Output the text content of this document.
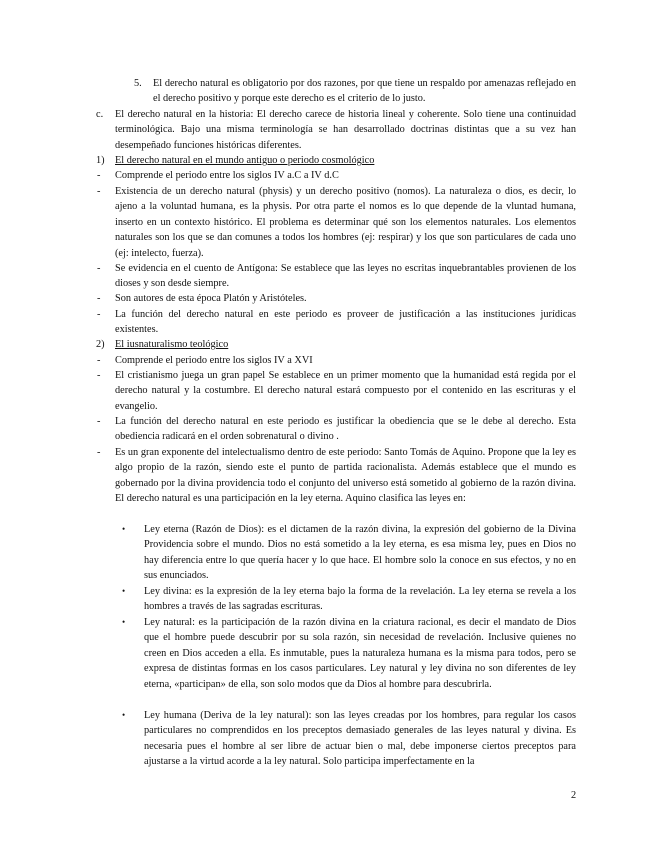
5. El derecho natural es obligatorio por dos razones, por que tiene un respaldo por amenazas reflejado en el derecho positivo y porque este derecho es el criterio de lo justo.

c. El derecho natural en la historia: El derecho carece de historia lineal y coherente. Solo tiene una continuidad terminológica. Bajo una misma terminología se han desarrollado doctrinas distintas que a su vez han desempeñado funciones históricas diferentes.

1) El derecho natural en el mundo antiguo o periodo cosmológico
- Comprende el periodo entre los siglos IV a.C a IV d.C

- Existencia de un derecho natural (physis) y un derecho positivo (nomos). La naturaleza o dios, es decir, lo ajeno a la voluntad humana, es la physis. Por otra parte el nomos es lo que depende de la vluntad humana, inserto en un contexto histórico. El problema es determinar qué son los elementos naturales. Los elementos naturales son los que se dan comunes a todos los hombres (ej: respirar) y los que son particulares de cada uno (ej: intelecto, fuerza).

- Se evidencia en el cuento de Antígona: Se establece que las leyes no escritas inquebrantables provienen de los dioses y son desde siempre.

- Son autores de esta época Platón y Aristóteles.

- La función del derecho natural en este periodo es proveer de justificación a las instituciones jurídicas existentes.

2) El iusnaturalismo teológico
- Comprende el periodo entre los siglos IV a XVI

- El cristianismo juega un gran papel Se establece en un primer momento que la humanidad está regida por el derecho natural y la costumbre. El derecho natural estará compuesto por el contenido en las escrituras y el evangelio.

- La función del derecho natural en este periodo es justificar la obediencia que se le debe al derecho. Esta obediencia radicará en el orden sobrenatural o divino .

- Es un gran exponente del intelectualismo dentro de este periodo: Santo Tomás de Aquino. Propone que la ley es algo propio de la razón, siendo este el punto de partida racionalista. Además establece que el mundo es gobernado por la divina providencia todo el conjunto del universo está sometido al gobierno de la razón divina. El derecho natural es una participación en la ley eterna. Aquino clasifica las leyes en:

• Ley eterna (Razón de Dios): es el dictamen de la razón divina, la expresión del gobierno de la Divina Providencia sobre el mundo. Dios no está sometido a la ley eterna, es esa misma ley, pues en Dios no hay diferencia entre lo que quería hacer y lo que hace. El hombre solo la conoce en sus efectos, y no en sus enunciados.

• Ley divina: es la expresión de la ley eterna bajo la forma de la revelación. La ley eterna se revela a los hombres a través de las sagradas escrituras.

• Ley natural: es la participación de la razón divina en la criatura racional, es decir el mandato de Dios que el hombre puede descubrir por su sola razón, sin necesidad de revelación. Inclusive quienes no creen en Dios acceden a ella. Es inmutable, pues la naturaleza humana es la misma para todos, pero se expresa de distintas formas en los casos particulares. Ley natural y ley divina no son diferentes de ley eterna, «participan» de ella, son solo modos que da Dios al hombre para descubrirla.

• Ley humana (Deriva de la ley natural): son las leyes creadas por los hombres, para regular los casos particulares no comprendidos en los preceptos demasiado generales de las leyes natural y divina. Es necesaria pues el hombre al ser libre de actuar bien o mal, debe imponerse ciertos preceptos para ajustarse a la virtud acorde a la ley natural. Solo participa imperfectamente en la

2
